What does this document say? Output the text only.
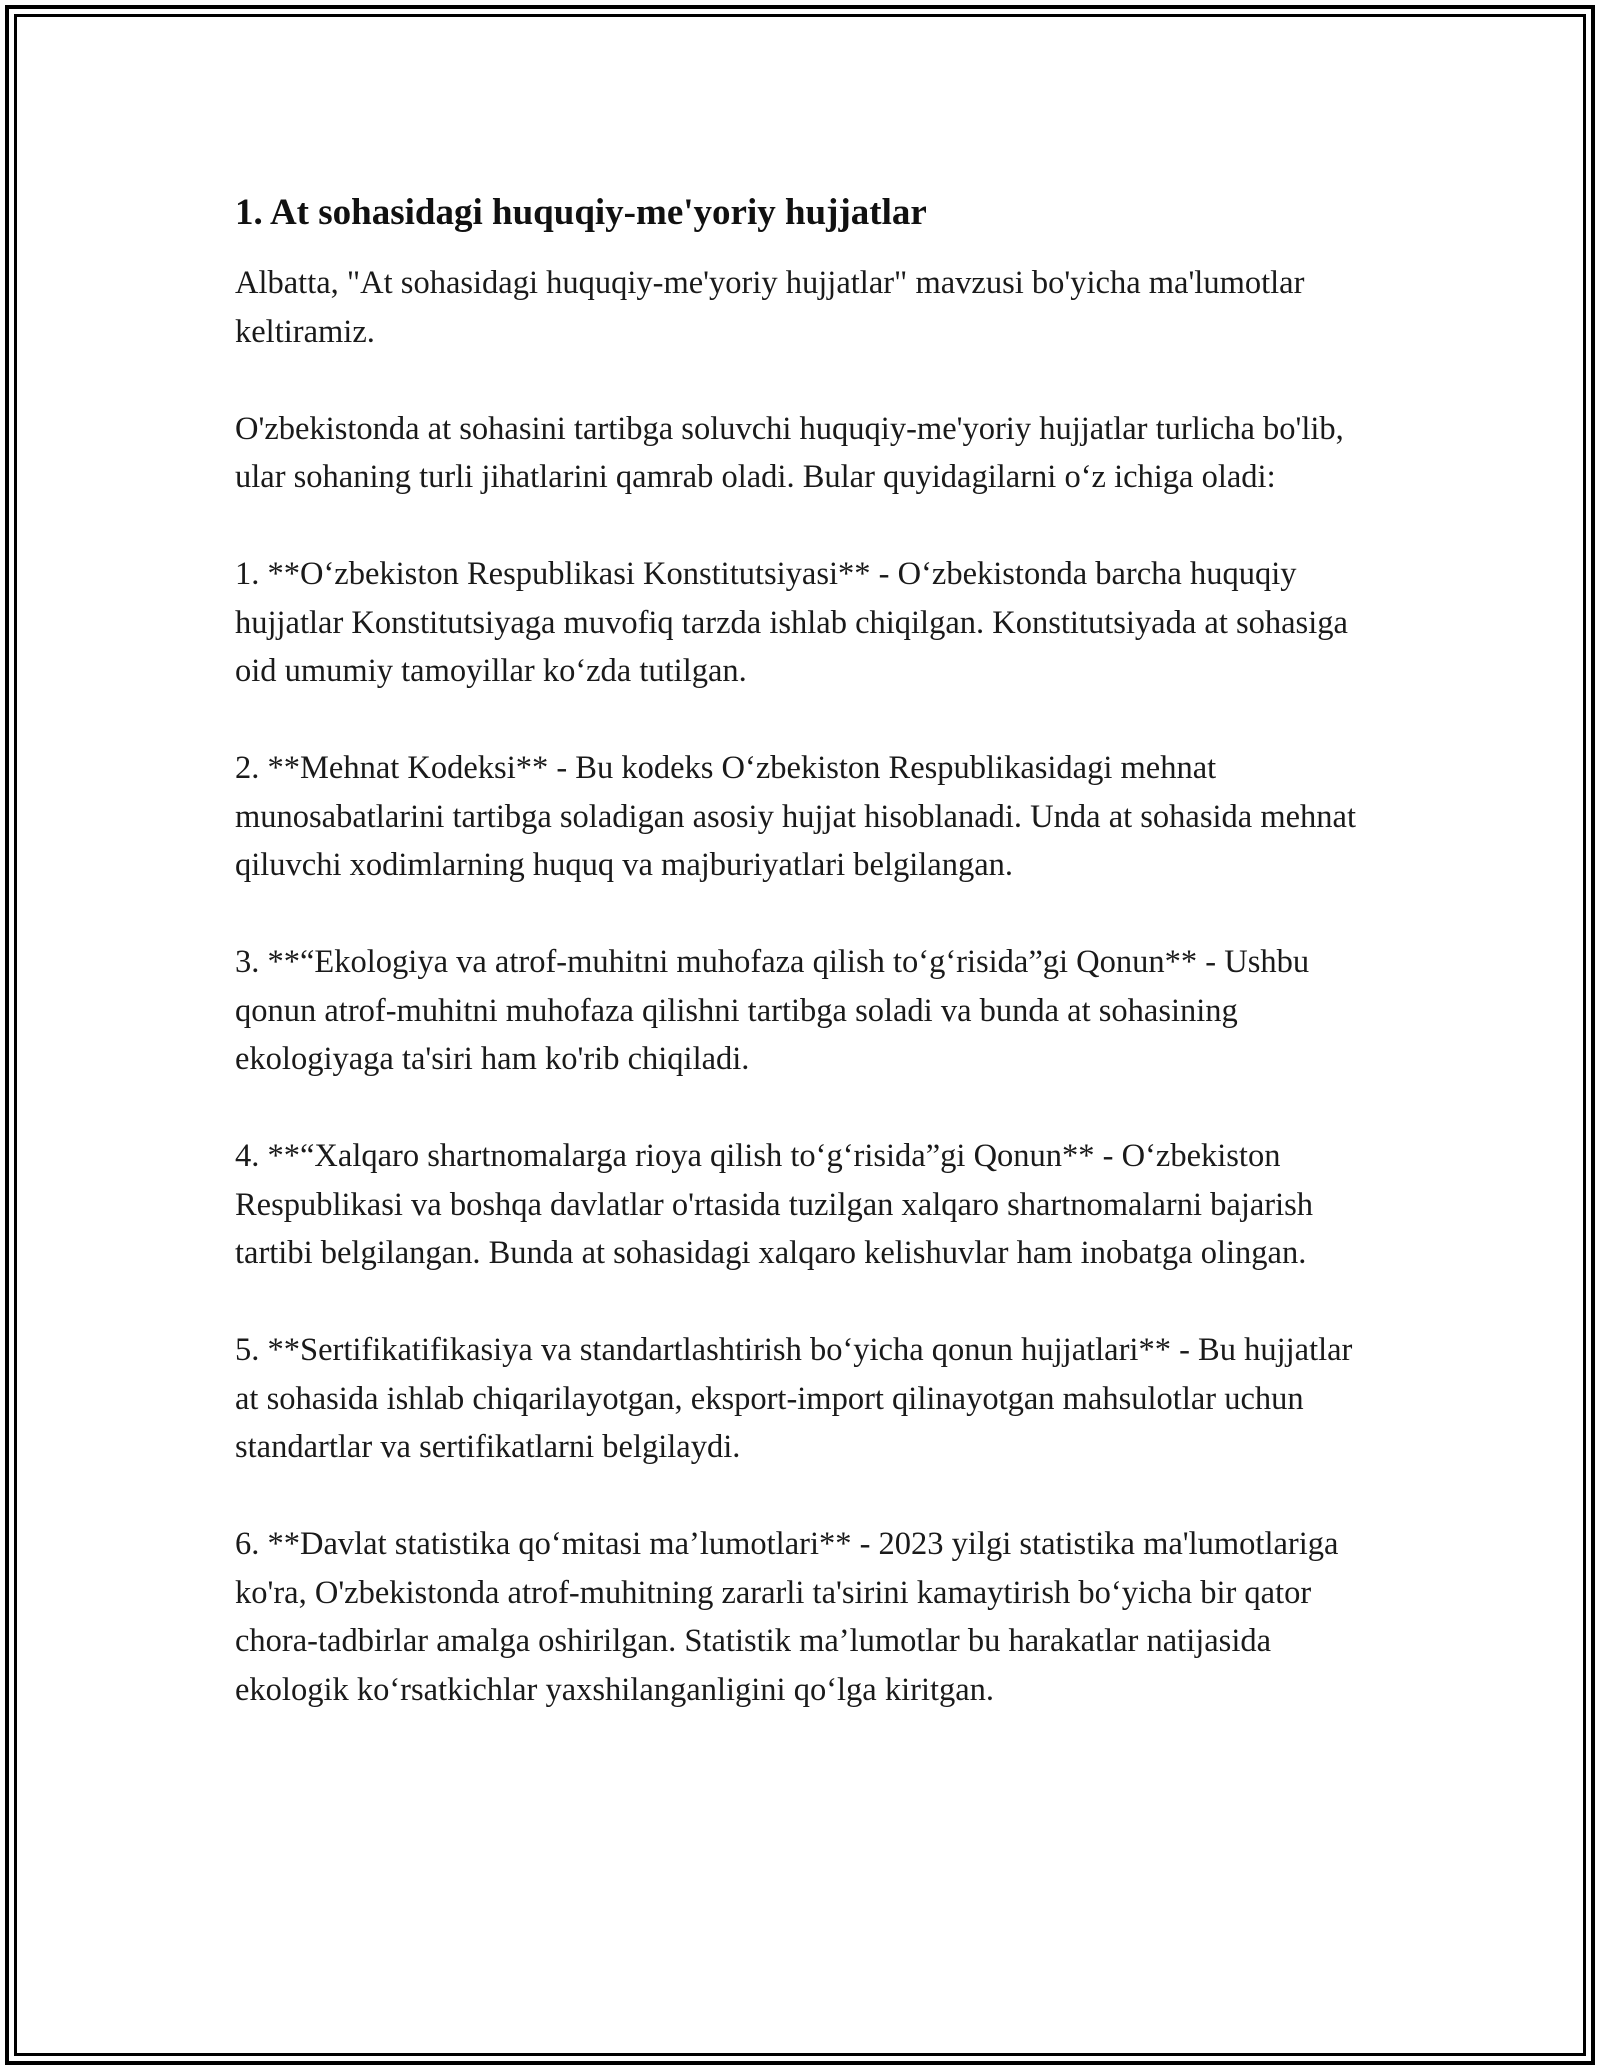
1. At sohasidagi huquqiy-me'yoriy hujjatlar

Albatta, "At sohasidagi huquqiy-me'yoriy hujjatlar" mavzusi bo'yicha ma'lumotlar keltiramiz.

O'zbekistonda at sohasini tartibga soluvchi huquqiy-me'yoriy hujjatlar turlicha bo'lib, ular sohaning turli jihatlarini qamrab oladi. Bular quyidagilarni o‘z ichiga oladi:

1. **O‘zbekiston Respublikasi Konstitutsiyasi** - O‘zbekistonda barcha huquqiy hujjatlar Konstitutsiyaga muvofiq tarzda ishlab chiqilgan. Konstitutsiyada at sohasiga oid umumiy tamoyillar ko‘zda tutilgan.

2. **Mehnat Kodeksi** - Bu kodeks O‘zbekiston Respublikasidagi mehnat munosabatlarini tartibga soladigan asosiy hujjat hisoblanadi. Unda at sohasida mehnat qiluvchi xodimlarning huquq va majburiyatlari belgilangan.

3. **“Ekologiya va atrof-muhitni muhofaza qilish to‘g‘risida”gi Qonun** - Ushbu qonun atrof-muhitni muhofaza qilishni tartibga soladi va bunda at sohasining ekologiyaga ta'siri ham ko'rib chiqiladi.

4. **“Xalqaro shartnomalarga rioya qilish to‘g‘risida”gi Qonun** - O‘zbekiston Respublikasi va boshqa davlatlar o'rtasida tuzilgan xalqaro shartnomalarni bajarish tartibi belgilangan. Bunda at sohasidagi xalqaro kelishuvlar ham inobatga olingan.

5. **Sertifikatifikasiya va standartlashtirish bo‘yicha qonun hujjatlari** - Bu hujjatlar at sohasida ishlab chiqarilayotgan, eksport-import qilinayotgan mahsulotlar uchun standartlar va sertifikatlarni belgilaydi.

6. **Davlat statistika qo‘mitasi ma’lumotlari** - 2023 yilgi statistika ma'lumotlariga ko'ra, O'zbekistonda atrof-muhitning zararli ta'sirini kamaytirish bo‘yicha bir qator chora-tadbirlar amalga oshirilgan. Statistik ma’lumotlar bu harakatlar natijasida ekologik ko‘rsatkichlar yaxshilanganligini qo‘lga kiritgan.
